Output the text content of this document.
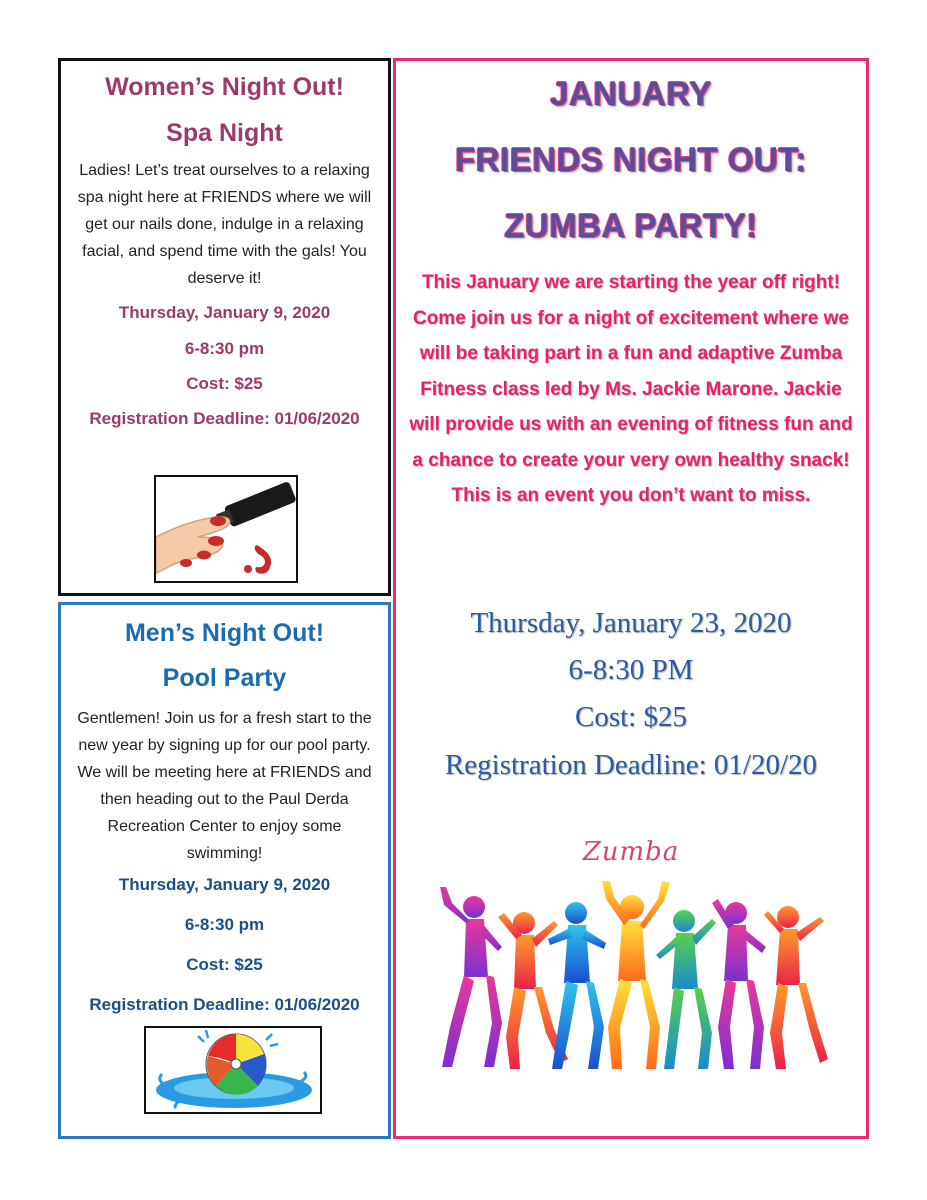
Women’s Night Out!
Spa Night
Ladies! Let’s treat ourselves to a relaxing spa night here at FRIENDS where we will get our nails done, indulge in a relaxing facial, and spend time with the gals! You deserve it!
Thursday, January 9, 2020
6-8:30 pm
Cost: $25
Registration Deadline: 01/06/2020
Men’s Night Out!
Pool Party
Gentlemen! Join us for a fresh start to the new year by signing up for our pool party. We will be meeting here at FRIENDS and then heading out to the Paul Derda Recreation Center to enjoy some swimming!
Thursday, January 9, 2020
6-8:30 pm
Cost: $25
Registration Deadline: 01/06/2020
JANUARY
FRIENDS NIGHT OUT:
ZUMBA PARTY!
This January we are starting the year off right! Come join us for a night of excitement where we will be taking part in a fun and adaptive Zumba Fitness class led by Ms. Jackie Marone. Jackie will provide us with an evening of fitness fun and a chance to create your very own healthy snack! This is an event you don’t want to miss.
Thursday, January 23, 2020
6-8:30 PM
Cost: $25
Registration Deadline: 01/20/20
Zumba
